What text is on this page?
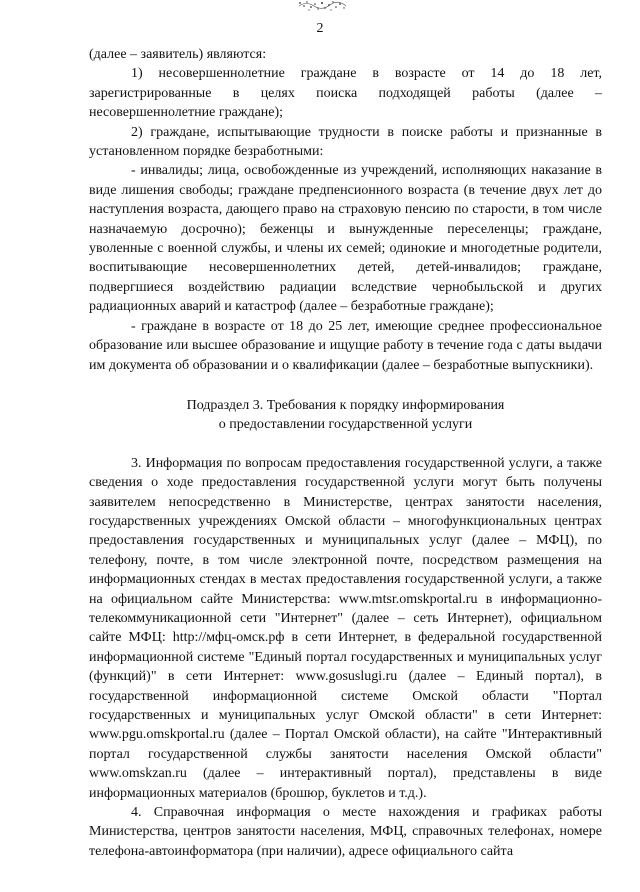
2

(далее – заявитель) являются:

1) несовершеннолетние граждане в возрасте от 14 до 18 лет, зарегистрированные в целях поиска подходящей работы (далее – несовершеннолетние граждане);

2) граждане, испытывающие трудности в поиске работы и признанные в установленном порядке безработными:

- инвалиды; лица, освобожденные из учреждений, исполняющих наказание в виде лишения свободы; граждане предпенсионного возраста (в течение двух лет до наступления возраста, дающего право на страховую пенсию по старости, в том числе назначаемую досрочно); беженцы и вынужденные переселенцы; граждане, уволенные с военной службы, и члены их семей; одинокие и многодетные родители, воспитывающие несовершеннолетних детей, детей-инвалидов; граждане, подвергшиеся воздействию радиации вследствие чернобыльской и других радиационных аварий и катастроф (далее – безработные граждане);

- граждане в возрасте от 18 до 25 лет, имеющие среднее профессиональное образование или высшее образование и ищущие работу в течение года с даты выдачи им документа об образовании и о квалификации (далее – безработные выпускники).

Подраздел 3. Требования к порядку информирования
о предоставлении государственной услуги

3. Информация по вопросам предоставления государственной услуги, а также сведения о ходе предоставления государственной услуги могут быть получены заявителем непосредственно в Министерстве, центрах занятости населения, государственных учреждениях Омской области – многофункциональных центрах предоставления государственных и муниципальных услуг (далее – МФЦ), по телефону, почте, в том числе электронной почте, посредством размещения на информационных стендах в местах предоставления государственной услуги, а также на официальном сайте Министерства: www.mtsr.omskportal.ru в информационно-телекоммуникационной сети "Интернет" (далее – сеть Интернет), официальном сайте МФЦ: http://мфц-омск.рф в сети Интернет, в федеральной государственной информационной системе "Единый портал государственных и муниципальных услуг (функций)" в сети Интернет: www.gosuslugi.ru (далее – Единый портал), в государственной информационной системе Омской области "Портал государственных и муниципальных услуг Омской области" в сети Интернет: www.pgu.omskportal.ru (далее – Портал Омской области), на сайте "Интерактивный портал государственной службы занятости населения Омской области" www.omskzan.ru (далее – интерактивный портал), представлены в виде информационных материалов (брошюр, буклетов и т.д.).

4. Справочная информация о месте нахождения и графиках работы Министерства, центров занятости населения, МФЦ, справочных телефонах, номере телефона-автоинформатора (при наличии), адресе официального сайта
